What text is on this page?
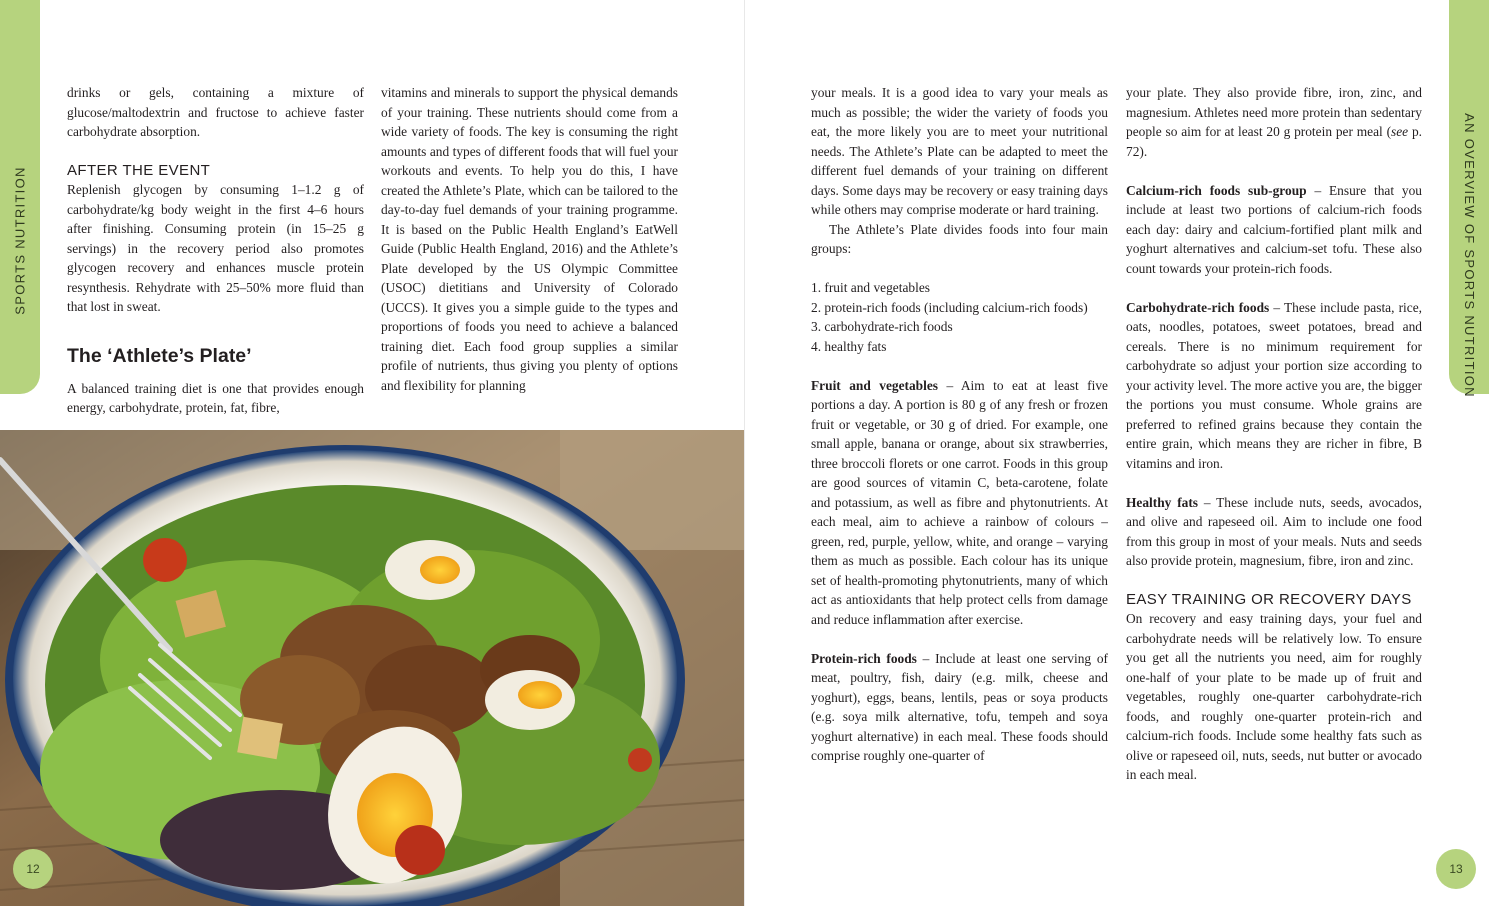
SPORTS NUTRITION	AN OVERVIEW OF SPORTS NUTRITION

drinks or gels, containing a mixture of glucose/maltodextrin and fructose to achieve faster carbohydrate absorption.

AFTER THE EVENT

Replenish glycogen by consuming 1–1.2 g of carbohydrate/kg body weight in the first 4–6 hours after finishing. Consuming protein (in 15–25 g servings) in the recovery period also promotes glycogen recovery and enhances muscle protein resynthesis. Rehydrate with 25–50% more fluid than that lost in sweat.

The ‘Athlete’s Plate’

A balanced training diet is one that provides enough energy, carbohydrate, protein, fat, fibre,

vitamins and minerals to support the physical demands of your training. These nutrients should come from a wide variety of foods. The key is consuming the right amounts and types of different foods that will fuel your workouts and events. To help you do this, I have created the Athlete’s Plate, which can be tailored to the day-to-day fuel demands of your training programme. It is based on the Public Health England’s EatWell Guide (Public Health England, 2016) and the Athlete’s Plate developed by the US Olympic Committee (USOC) dietitians and University of Colorado (UCCS). It gives you a simple guide to the types and proportions of foods you need to achieve a balanced training diet. Each food group supplies a similar profile of nutrients, thus giving you plenty of options and flexibility for planning

your meals. It is a good idea to vary your meals as much as possible; the wider the variety of foods you eat, the more likely you are to meet your nutritional needs. The Athlete’s Plate can be adapted to meet the different fuel demands of your training on different days. Some days may be recovery or easy training days while others may comprise moderate or hard training.

The Athlete’s Plate divides foods into four main groups:

1. fruit and vegetables
2. protein-rich foods (including calcium-rich foods)
3. carbohydrate-rich foods
4. healthy fats

Fruit and vegetables – Aim to eat at least five portions a day. A portion is 80 g of any fresh or frozen fruit or vegetable, or 30 g of dried. For example, one small apple, banana or orange, about six strawberries, three broccoli florets or one carrot. Foods in this group are good sources of vitamin C, beta-carotene, folate and potassium, as well as fibre and phytonutrients. At each meal, aim to achieve a rainbow of colours – green, red, purple, yellow, white, and orange – varying them as much as possible. Each colour has its unique set of health-promoting phytonutrients, many of which act as antioxidants that help protect cells from damage and reduce inflammation after exercise.

Protein-rich foods – Include at least one serving of meat, poultry, fish, dairy (e.g. milk, cheese and yoghurt), eggs, beans, lentils, peas or soya products (e.g. soya milk alternative, tofu, tempeh and soya yoghurt alternative) in each meal. These foods should comprise roughly one-quarter of

your plate. They also provide fibre, iron, zinc, and magnesium. Athletes need more protein than sedentary people so aim for at least 20 g protein per meal (see p. 72).

Calcium-rich foods sub-group – Ensure that you include at least two portions of calcium-rich foods each day: dairy and calcium-fortified plant milk and yoghurt alternatives and calcium-set tofu. These also count towards your protein-rich foods.

Carbohydrate-rich foods – These include pasta, rice, oats, noodles, potatoes, sweet potatoes, bread and cereals. There is no minimum requirement for carbohydrate so adjust your portion size according to your activity level. The more active you are, the bigger the portions you must consume. Whole grains are preferred to refined grains because they contain the entire grain, which means they are richer in fibre, B vitamins and iron.

Healthy fats – These include nuts, seeds, avocados, and olive and rapeseed oil. Aim to include one food from this group in most of your meals. Nuts and seeds also provide protein, magnesium, fibre, iron and zinc.

EASY TRAINING OR RECOVERY DAYS

On recovery and easy training days, your fuel and carbohydrate needs will be relatively low. To ensure you get all the nutrients you need, aim for roughly one-half of your plate to be made up of fruit and vegetables, roughly one-quarter carbohydrate-rich foods, and roughly one-quarter protein-rich and calcium-rich foods. Include some healthy fats such as olive or rapeseed oil, nuts, seeds, nut butter or avocado in each meal.

12	13
